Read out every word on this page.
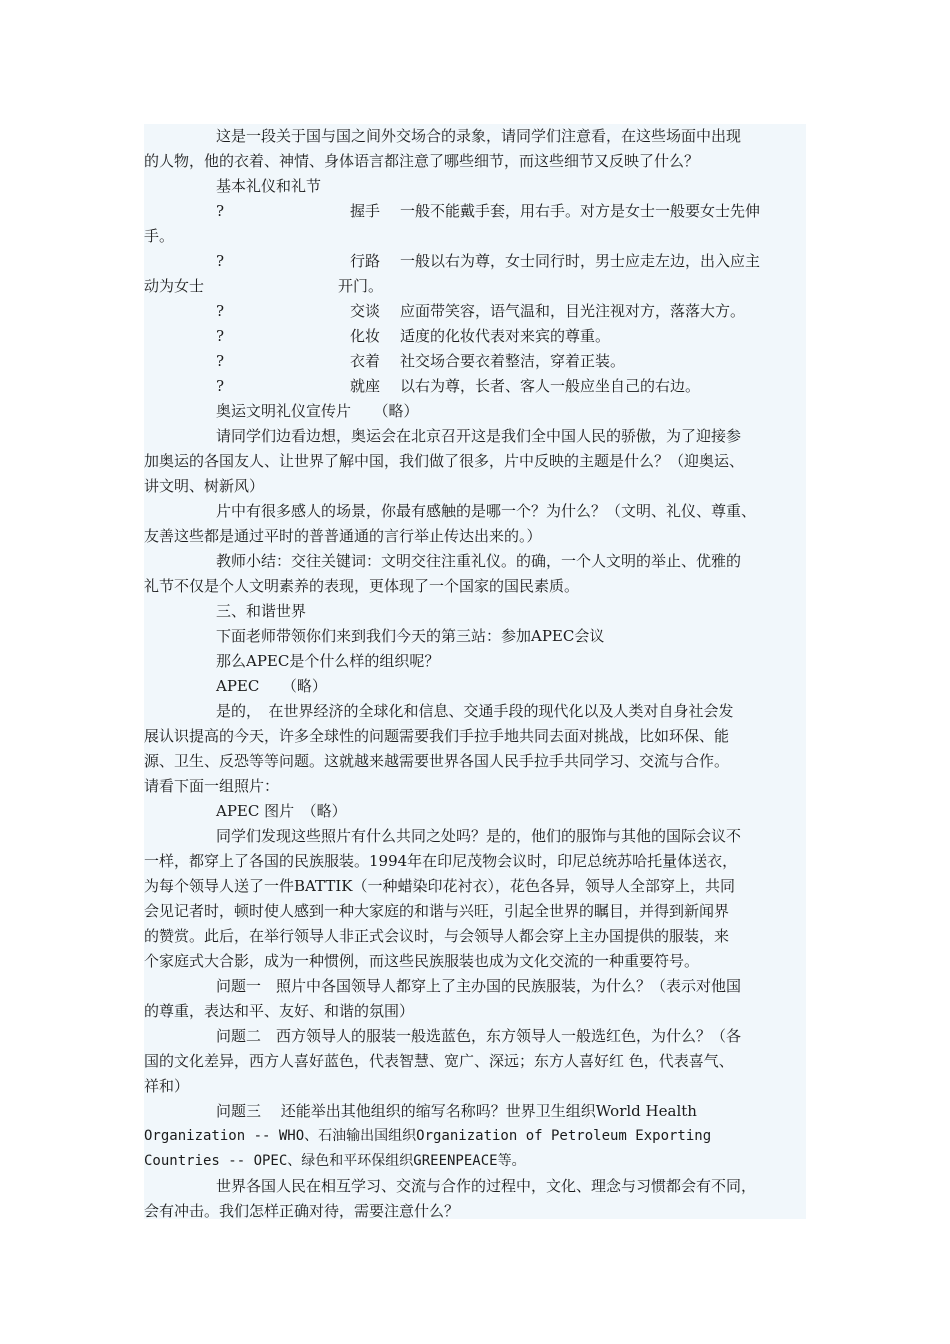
这是一段关于国与国之间外交场合的录象，请同学们注意看，在这些场面中出现
的人物，他的衣着、神情、身体语言都注意了哪些细节，而这些细节又反映了什么？
基本礼仪和礼节
?	握手 一般不能戴手套，用右手。对方是女士一般要女士先伸
手。
?	行路 一般以右为尊，女士同行时，男士应走左边，出入应主
动为女士	开门。
?	交谈 应面带笑容，语气温和，目光注视对方，落落大方。
?	化妆 适度的化妆代表对来宾的尊重。
?	衣着 社交场合要衣着整洁，穿着正装。
?	就座 以右为尊，长者、客人一般应坐自己的右边。
奥运文明礼仪宣传片　　（略）
请同学们边看边想，奥运会在北京召开这是我们全中国人民的骄傲，为了迎接参
加奥运的各国友人、让世界了解中国，我们做了很多，片中反映的主题是什么？（迎奥运、
讲文明、树新风）
片中有很多感人的场景，你最有感触的是哪一个？为什么？（文明、礼仪、尊重、
友善这些都是通过平时的普普通通的言行举止传达出来的。）
教师小结：交往关键词：文明交往注重礼仪。的确，一个人文明的举止、优雅的
礼节不仅是个人文明素养的表现，更体现了一个国家的国民素质。
三、和谐世界
下面老师带领你们来到我们今天的第三站：参加APEC会议
那么APEC是个什么样的组织呢？
APEC　　（略）
是的，　在世界经济的全球化和信息、交通手段的现代化以及人类对自身社会发
展认识提高的今天，许多全球性的问题需要我们手拉手地共同去面对挑战，比如环保、能
源、卫生、反恐等等问题。这就越来越需要世界各国人民手拉手共同学习、交流与合作。
请看下面一组照片：
APEC 图片　（略）
同学们发现这些照片有什么共同之处吗？是的，他们的服饰与其他的国际会议不
一样，都穿上了各国的民族服装。1994年在印尼茂物会议时，印尼总统苏哈托量体送衣，
为每个领导人送了一件BATTIK（一种蜡染印花衬衣），花色各异，领导人全部穿上，共同
会见记者时，顿时使人感到一种大家庭的和谐与兴旺，引起全世界的瞩目，并得到新闻界
的赞赏。此后，在举行领导人非正式会议时，与会领导人都会穿上主办国提供的服装，来
个家庭式大合影，成为一种惯例，而这些民族服装也成为文化交流的一种重要符号。
问题一　照片中各国领导人都穿上了主办国的民族服装，为什么？（表示对他国
的尊重，表达和平、友好、和谐的氛围）
问题二　西方领导人的服装一般选蓝色，东方领导人一般选红色，为什么？（各
国的文化差异，西方人喜好蓝色，代表智慧、宽广、深远；东方人喜好红 色，代表喜气、
祥和）
问题三　 还能举出其他组织的缩写名称吗？世界卫生组织World Health
Organization -- WHO、石油输出国组织Organization of Petroleum Exporting
Countries -- OPEC、绿色和平环保组织GREENPEACE等。
世界各国人民在相互学习、交流与合作的过程中，文化、理念与习惯都会有不同，
会有冲击。我们怎样正确对待，需要注意什么？
